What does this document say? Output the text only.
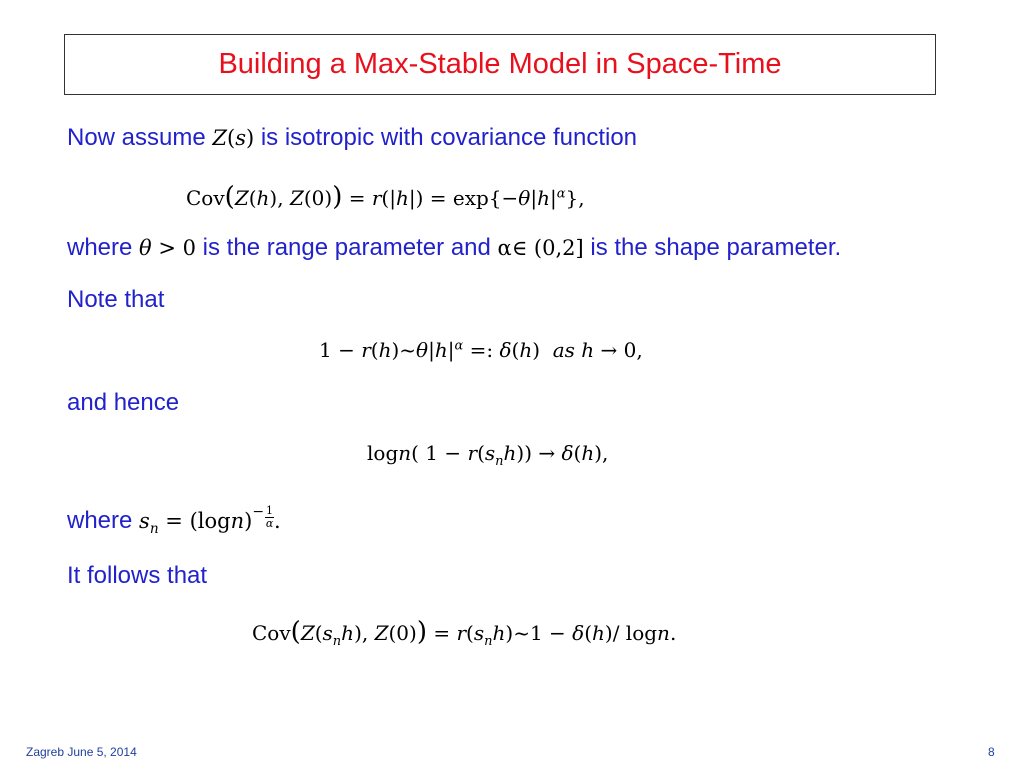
Building a Max-Stable Model in Space-Time
Now assume Z(s) is isotropic with covariance function
Cov(Z(h), $Z(0)) = r(|h|) = \exp\{-\theta|h|^\alpha\}$,
where θ > 0 is the range parameter and α∈ (0,2] is the shape parameter.
Note that
$1 - r(h)\sim\theta|h|^\alpha$ =: δ(h)  as h → 0,
and hence
logn( $1 - r(s_nh)) \to \delta(h)$,
where $s_n = (\log n)^- \frac{1}{\alpha}$ .
It follows that
$Cov(Z(s_nh)$, $Z(0)) = r(s_nh)\sim 1 - \delta(h)/$ logn.
Zagreb June 5, 2014	8
